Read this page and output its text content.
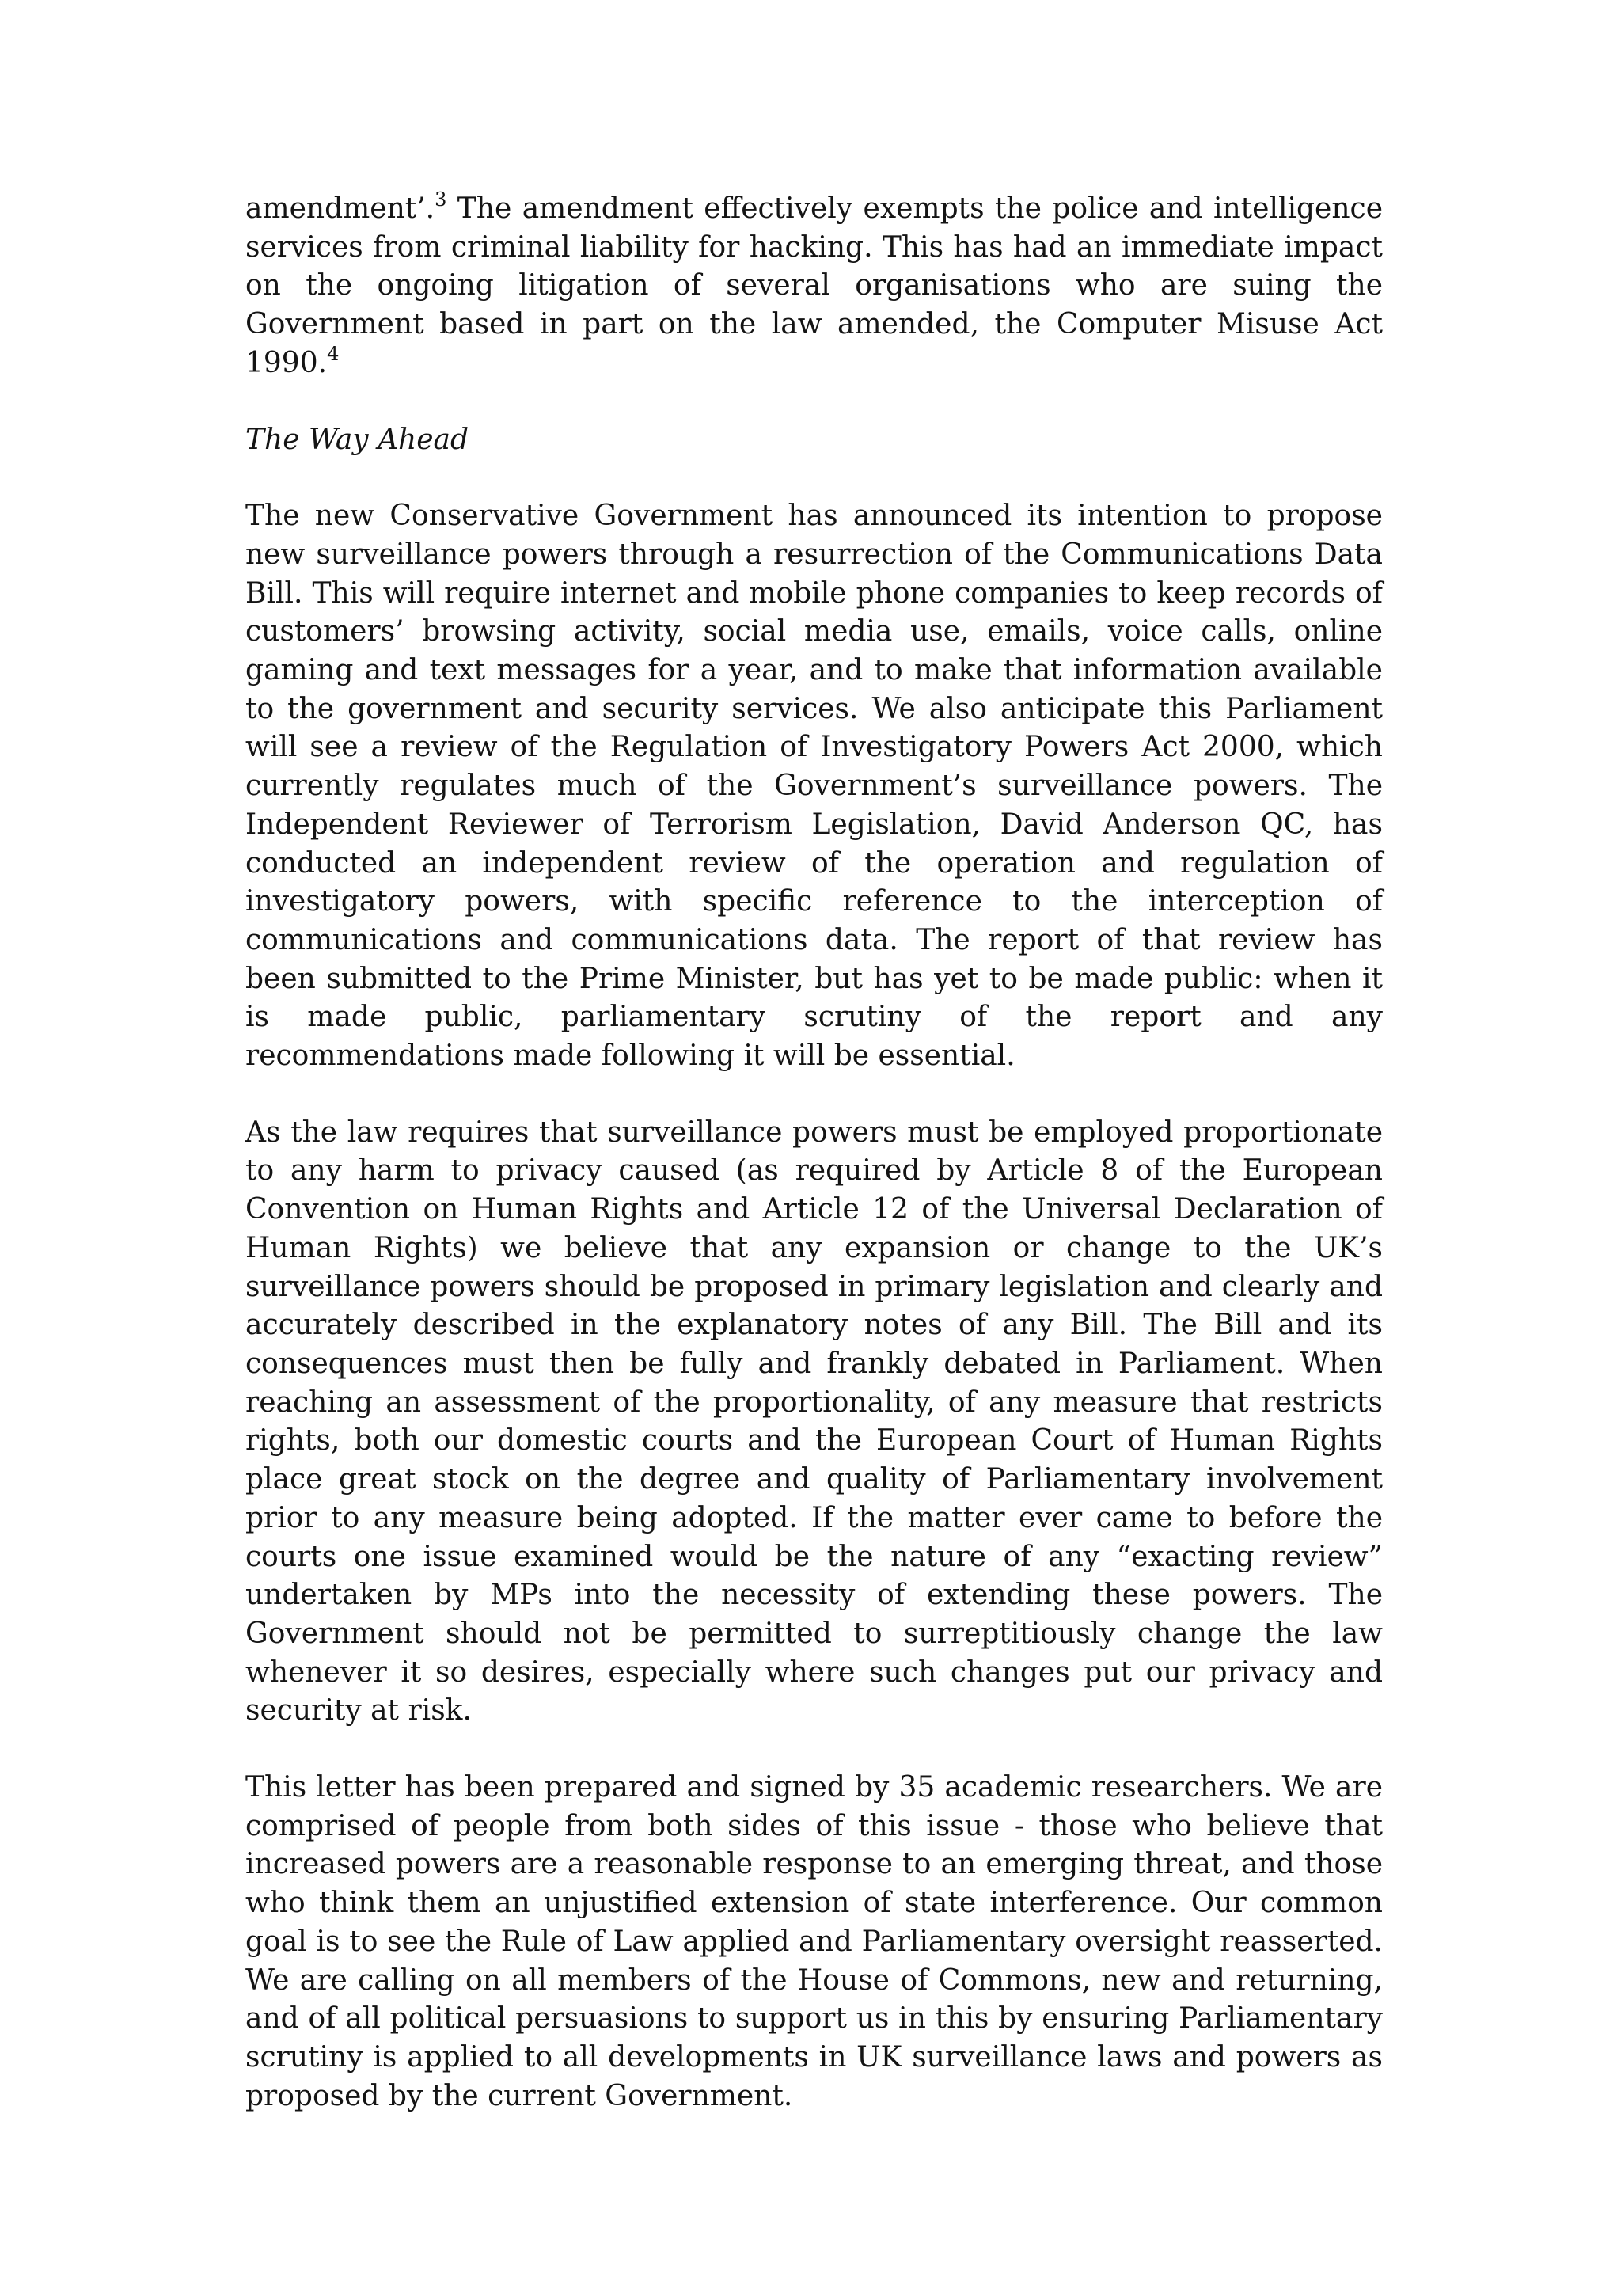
amendment’.$^3$ The amendment effectively exempts the police and intelligence services from criminal liability for hacking. This has had an immediate impact on the ongoing litigation of several organisations who are suing the Government based in part on the law amended, the Computer Misuse Act 1990.$^4$

The Way Ahead

The new Conservative Government has announced its intention to propose new surveillance powers through a resurrection of the Communications Data Bill. This will require internet and mobile phone companies to keep records of customers’ browsing activity, social media use, emails, voice calls, online gaming and text messages for a year, and to make that information available to the government and security services. We also anticipate this Parliament will see a review of the Regulation of Investigatory Powers Act 2000, which currently regulates much of the Government’s surveillance powers. The Independent Reviewer of Terrorism Legislation, David Anderson QC, has conducted an independent review of the operation and regulation of investigatory powers, with specific reference to the interception of communications and communications data. The report of that review has been submitted to the Prime Minister, but has yet to be made public: when it is made public, parliamentary scrutiny of the report and any recommendations made following it will be essential.

As the law requires that surveillance powers must be employed proportionate to any harm to privacy caused (as required by Article 8 of the European Convention on Human Rights and Article 12 of the Universal Declaration of Human Rights) we believe that any expansion or change to the UK’s surveillance powers should be proposed in primary legislation and clearly and accurately described in the explanatory notes of any Bill. The Bill and its consequences must then be fully and frankly debated in Parliament. When reaching an assessment of the proportionality, of any measure that restricts rights, both our domestic courts and the European Court of Human Rights place great stock on the degree and quality of Parliamentary involvement prior to any measure being adopted. If the matter ever came to before the courts one issue examined would be the nature of any “exacting review” undertaken by MPs into the necessity of extending these powers. The Government should not be permitted to surreptitiously change the law whenever it so desires, especially where such changes put our privacy and security at risk.

This letter has been prepared and signed by 35 academic researchers. We are comprised of people from both sides of this issue - those who believe that increased powers are a reasonable response to an emerging threat, and those who think them an unjustified extension of state interference. Our common goal is to see the Rule of Law applied and Parliamentary oversight reasserted. We are calling on all members of the House of Commons, new and returning, and of all political persuasions to support us in this by ensuring Parliamentary scrutiny is applied to all developments in UK surveillance laws and powers as proposed by the current Government.
